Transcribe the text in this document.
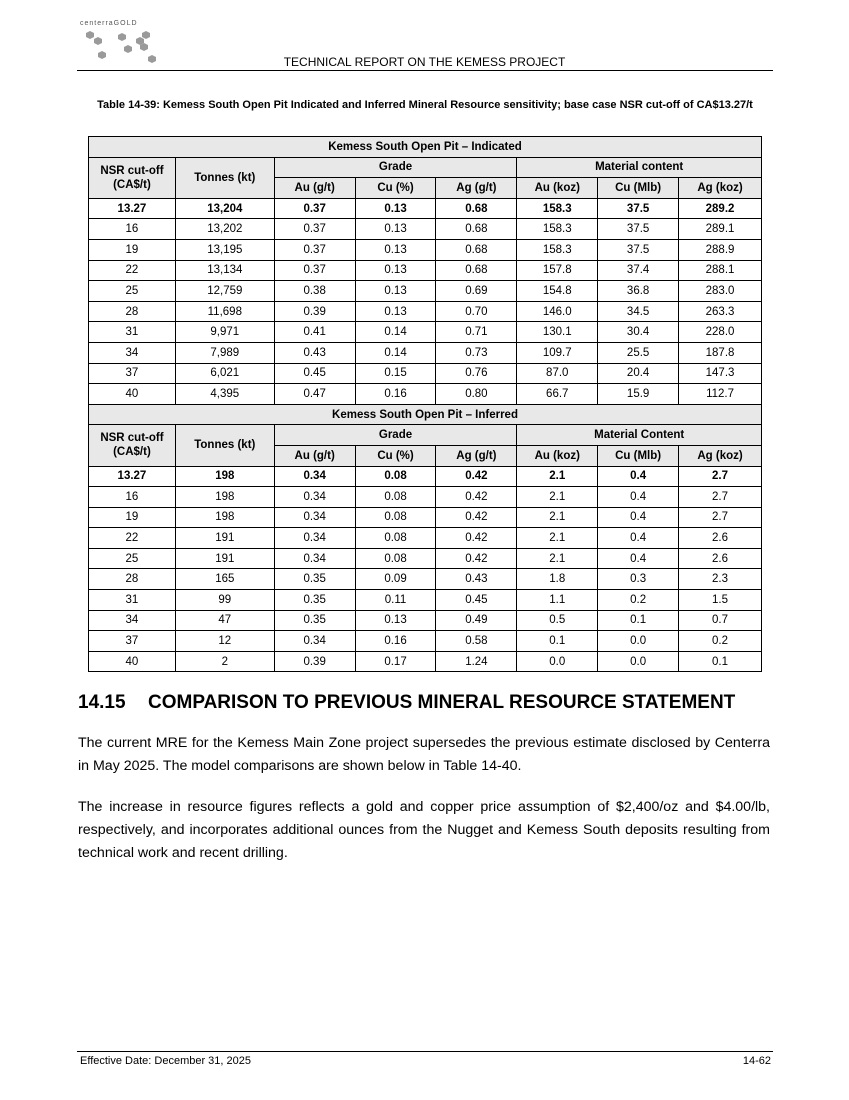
centerraGOLD
TECHNICAL REPORT ON THE KEMESS PROJECT
Table 14-39: Kemess South Open Pit Indicated and Inferred Mineral Resource sensitivity; base case NSR cut-off of CA$13.27/t
Kemess South Open Pit – Indicated							
NSR cut-off (CA$/t)	Tonnes (kt)	Grade			Material content		
		Au (g/t)	Cu (%)	Ag (g/t)	Au (koz)	Cu (Mlb)	Ag (koz)
13.27	13,204	0.37	0.13	0.68	158.3	37.5	289.2
16	13,202	0.37	0.13	0.68	158.3	37.5	289.1
19	13,195	0.37	0.13	0.68	158.3	37.5	288.9
22	13,134	0.37	0.13	0.68	157.8	37.4	288.1
25	12,759	0.38	0.13	0.69	154.8	36.8	283.0
28	11,698	0.39	0.13	0.70	146.0	34.5	263.3
31	9,971	0.41	0.14	0.71	130.1	30.4	228.0
34	7,989	0.43	0.14	0.73	109.7	25.5	187.8
37	6,021	0.45	0.15	0.76	87.0	20.4	147.3
40	4,395	0.47	0.16	0.80	66.7	15.9	112.7
Kemess South Open Pit – Inferred							
NSR cut-off (CA$/t)	Tonnes (kt)	Grade			Material Content		
		Au (g/t)	Cu (%)	Ag (g/t)	Au (koz)	Cu (Mlb)	Ag (koz)
13.27	198	0.34	0.08	0.42	2.1	0.4	2.7
16	198	0.34	0.08	0.42	2.1	0.4	2.7
19	198	0.34	0.08	0.42	2.1	0.4	2.7
22	191	0.34	0.08	0.42	2.1	0.4	2.6
25	191	0.34	0.08	0.42	2.1	0.4	2.6
28	165	0.35	0.09	0.43	1.8	0.3	2.3
31	99	0.35	0.11	0.45	1.1	0.2	1.5
34	47	0.35	0.13	0.49	0.5	0.1	0.7
37	12	0.34	0.16	0.58	0.1	0.0	0.2
40	2	0.39	0.17	1.24	0.0	0.0	0.1
14.15 COMPARISON TO PREVIOUS MINERAL RESOURCE STATEMENT

The current MRE for the Kemess Main Zone project supersedes the previous estimate disclosed by Centerra in May 2025. The model comparisons are shown below in Table 14-40.

The increase in resource figures reflects a gold and copper price assumption of $2,400/oz and $4.00/lb, respectively, and incorporates additional ounces from the Nugget and Kemess South deposits resulting from technical work and recent drilling.

Effective Date: December 31, 2025	14-62
